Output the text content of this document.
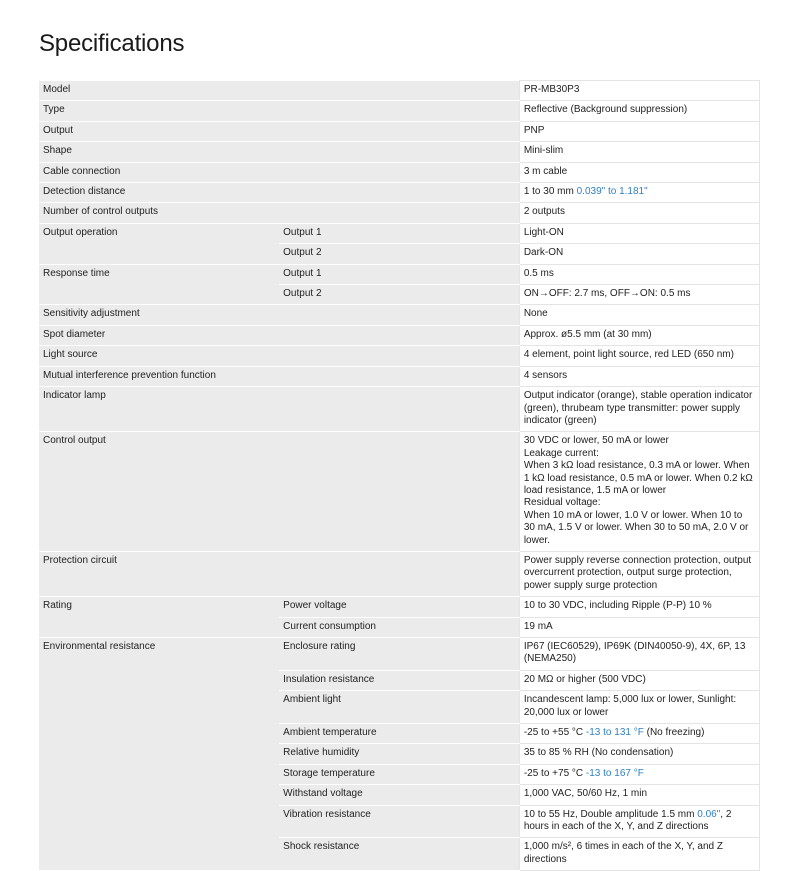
Specifications
Model		PR-MB30P3
Type		Reflective (Background suppression)
Output		PNP
Shape		Mini-slim
Cable connection		3 m cable
Detection distance		1 to 30 mm 0.039" to 1.181"
Number of control outputs		2 outputs
Output operation	Output 1	Light-ON
	Output 2	Dark-ON
Response time	Output 1	0.5 ms
	Output 2	ON→OFF: 2.7 ms, OFF→ON: 0.5 ms
Sensitivity adjustment		None
Spot diameter		Approx. ø5.5 mm (at 30 mm)
Light source		4 element, point light source, red LED (650 nm)
Mutual interference prevention function		4 sensors
Indicator lamp		Output indicator (orange), stable operation indicator (green), thrubeam type transmitter: power supply indicator (green)
Control output		30 VDC or lower, 50 mA or lower
Leakage current:
When 3 kΩ load resistance, 0.3 mA or lower. When 1 kΩ load resistance, 0.5 mA or lower. When 0.2 kΩ load resistance, 1.5 mA or lower
Residual voltage:
When 10 mA or lower, 1.0 V or lower. When 10 to 30 mA, 1.5 V or lower. When 30 to 50 mA, 2.0 V or lower.

Protection circuit		Power supply reverse connection protection, output overcurrent protection, output surge protection, power supply surge protection
Rating	Power voltage	10 to 30 VDC, including Ripple (P-P) 10 %
	Current consumption	19 mA
Environmental resistance	Enclosure rating	IP67 (IEC60529), IP69K (DIN40050-9), 4X, 6P, 13 (NEMA250)
	Insulation resistance	20 MΩ or higher (500 VDC)
	Ambient light	Incandescent lamp: 5,000 lux or lower, Sunlight: 20,000 lux or lower
	Ambient temperature	-25 to +55 °C -13 to 131 °F (No freezing)
	Relative humidity	35 to 85 % RH (No condensation)
	Storage temperature	-25 to +75 °C -13 to 167 °F
	Withstand voltage	1,000 VAC, 50/60 Hz, 1 min
	Vibration resistance	10 to 55 Hz, Double amplitude 1.5 mm 0.06", 2 hours in each of the X, Y, and Z directions
	Shock resistance	1,000 m/s², 6 times in each of the X, Y, and Z directions
